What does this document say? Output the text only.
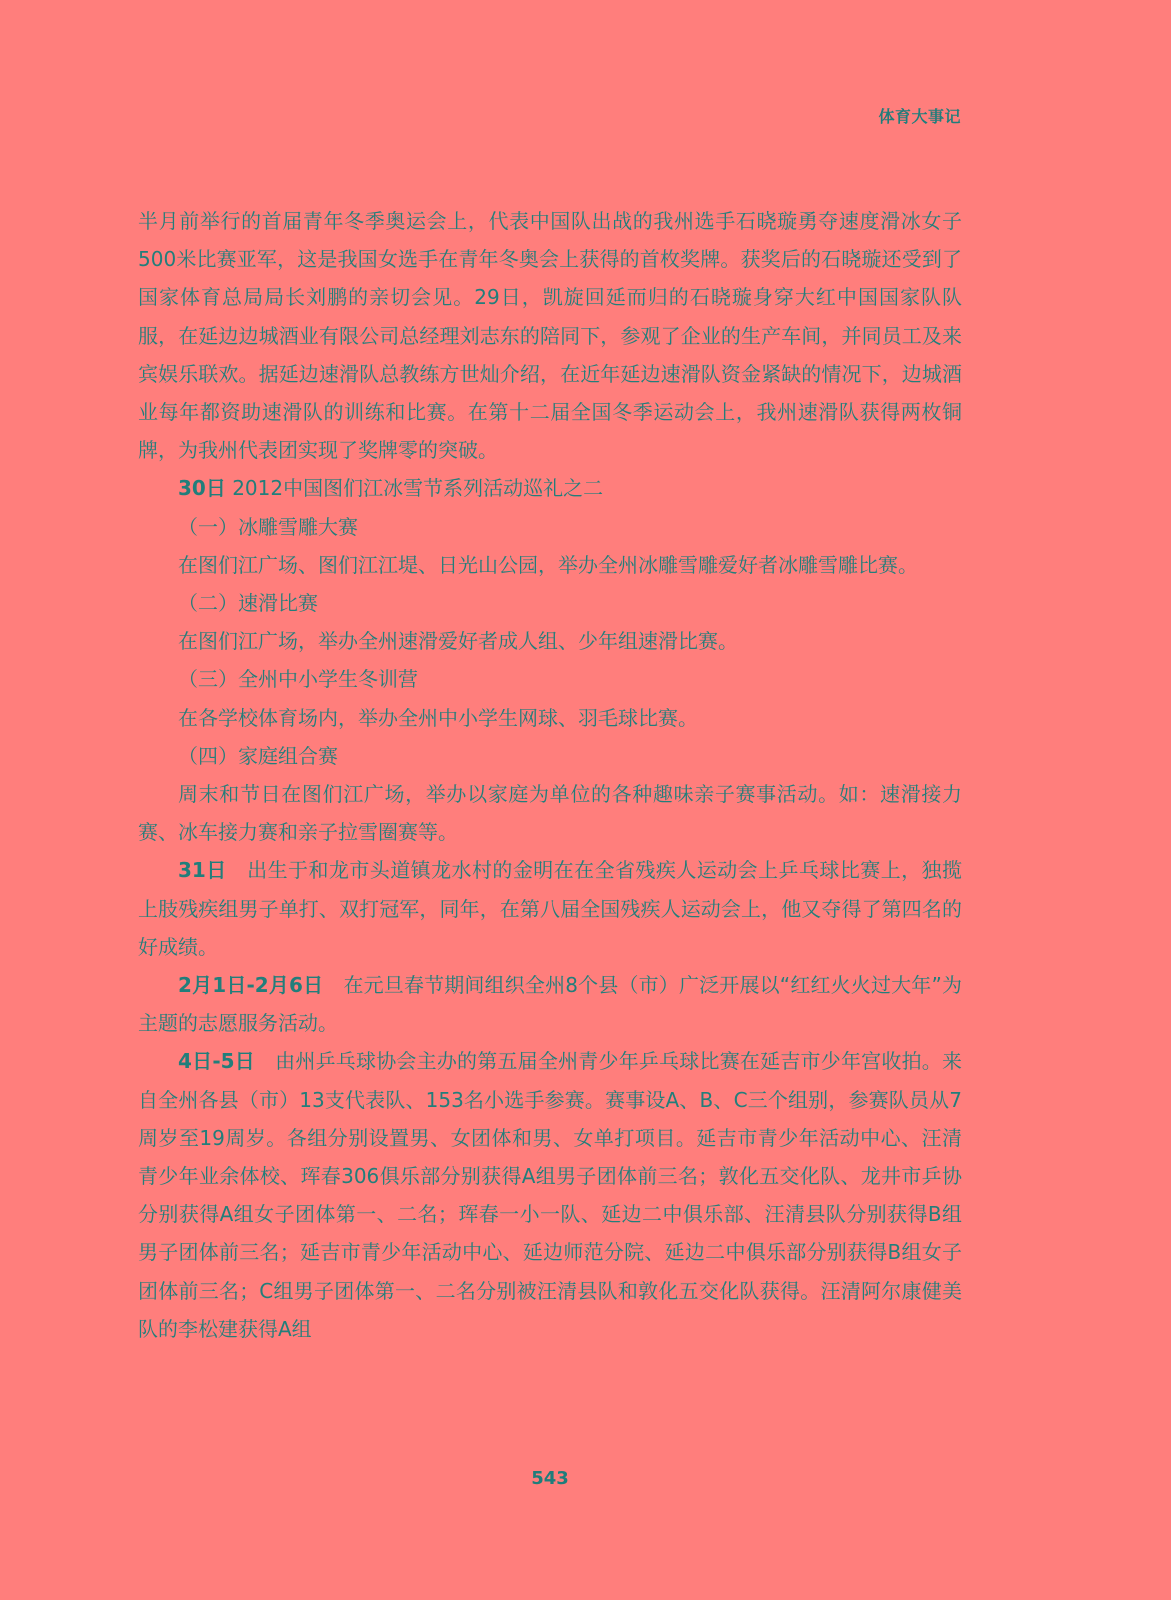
体育大事记

半月前举行的首届青年冬季奥运会上，代表中国队出战的我州选手石晓璇勇夺速度滑冰女子500米比赛亚军，这是我国女选手在青年冬奥会上获得的首枚奖牌。获奖后的石晓璇还受到了国家体育总局局长刘鹏的亲切会见。29日，凯旋回延而归的石晓璇身穿大红中国国家队队服，在延边边城酒业有限公司总经理刘志东的陪同下，参观了企业的生产车间，并同员工及来宾娱乐联欢。据延边速滑队总教练方世灿介绍，在近年延边速滑队资金紧缺的情况下，边城酒业每年都资助速滑队的训练和比赛。在第十二届全国冬季运动会上，我州速滑队获得两枚铜牌，为我州代表团实现了奖牌零的突破。

30日 2012中国图们江冰雪节系列活动巡礼之二

（一）冰雕雪雕大赛

在图们江广场、图们江江堤、日光山公园，举办全州冰雕雪雕爱好者冰雕雪雕比赛。

（二）速滑比赛

在图们江广场，举办全州速滑爱好者成人组、少年组速滑比赛。

（三）全州中小学生冬训营

在各学校体育场内，举办全州中小学生网球、羽毛球比赛。

（四）家庭组合赛

周末和节日在图们江广场，举办以家庭为单位的各种趣味亲子赛事活动。如：速滑接力赛、冰车接力赛和亲子拉雪圈赛等。

31日　出生于和龙市头道镇龙水村的金明在在全省残疾人运动会上乒乓球比赛上，独揽上肢残疾组男子单打、双打冠军，同年，在第八届全国残疾人运动会上，他又夺得了第四名的好成绩。

2月1日-2月6日　在元旦春节期间组织全州8个县（市）广泛开展以“红红火火过大年”为主题的志愿服务活动。

4日-5日　由州乒乓球协会主办的第五届全州青少年乒乓球比赛在延吉市少年宫收拍。来自全州各县（市）13支代表队、153名小选手参赛。赛事设A、B、C三个组别，参赛队员从7周岁至19周岁。各组分别设置男、女团体和男、女单打项目。延吉市青少年活动中心、汪清青少年业余体校、珲春306俱乐部分别获得A组男子团体前三名；敦化五交化队、龙井市乒协分别获得A组女子团体第一、二名；珲春一小一队、延边二中俱乐部、汪清县队分别获得B组男子团体前三名；延吉市青少年活动中心、延边师范分院、延边二中俱乐部分别获得B组女子团体前三名；C组男子团体第一、二名分别被汪清县队和敦化五交化队获得。汪清阿尔康健美队的李松建获得A组

543
